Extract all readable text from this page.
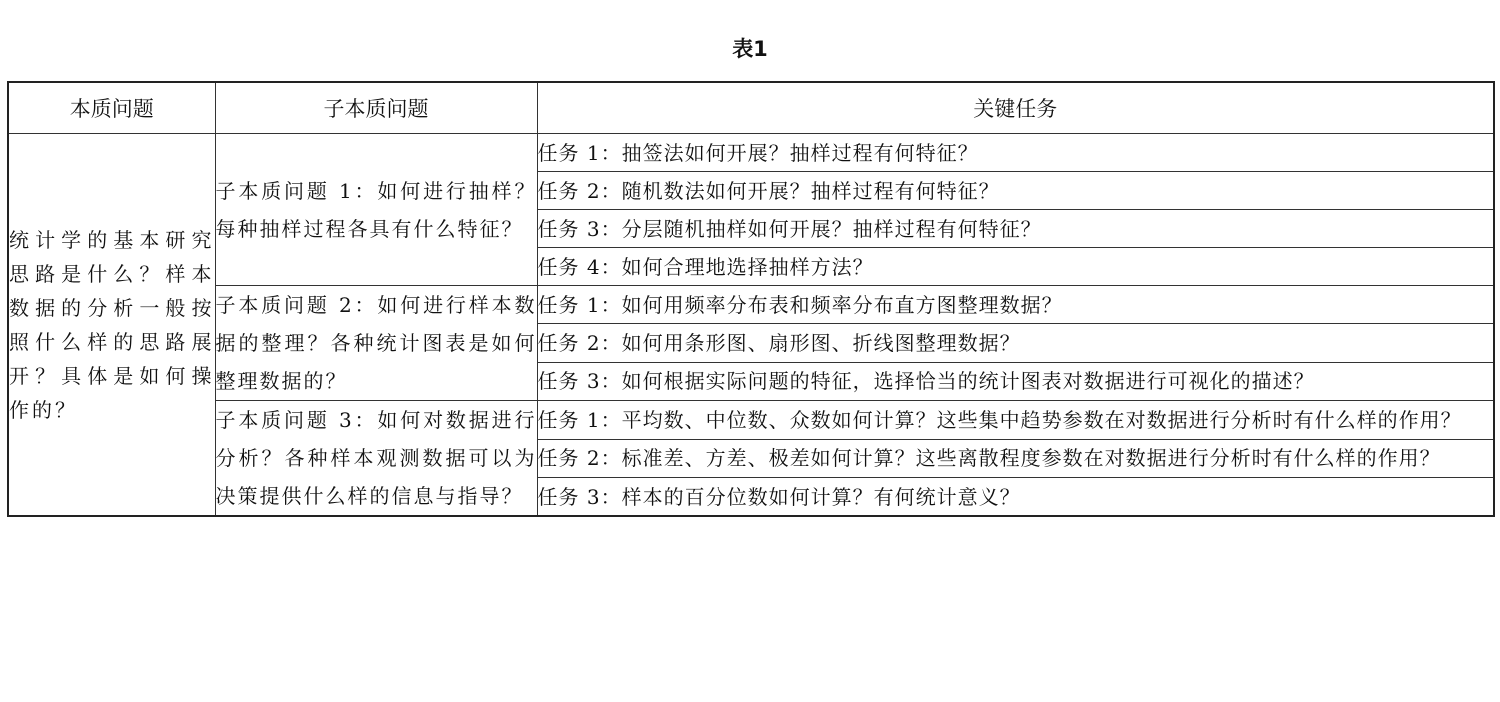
表1
本质问题	子本质问题	关键任务
统计学的基本研究思路是什么？样本数据的分析一般按照什么样的思路展开？具体是如何操作的？	子本质问题 1：如何进行抽样？每种抽样过程各具有什么特征？	任务 1：抽签法如何开展？抽样过程有何特征？
		任务 2：随机数法如何开展？抽样过程有何特征？
		任务 3：分层随机抽样如何开展？抽样过程有何特征？
		任务 4：如何合理地选择抽样方法？
	子本质问题 2：如何进行样本数据的整理？各种统计图表是如何整理数据的？	任务 1：如何用频率分布表和频率分布直方图整理数据？
		任务 2：如何用条形图、扇形图、折线图整理数据？
		任务 3：如何根据实际问题的特征，选择恰当的统计图表对数据进行可视化的描述？
	子本质问题 3：如何对数据进行分析？各种样本观测数据可以为决策提供什么样的信息与指导？	任务 1：平均数、中位数、众数如何计算？这些集中趋势参数在对数据进行分析时有什么样的作用？
		任务 2：标准差、方差、极差如何计算？这些离散程度参数在对数据进行分析时有什么样的作用？
		任务 3：样本的百分位数如何计算？有何统计意义？
